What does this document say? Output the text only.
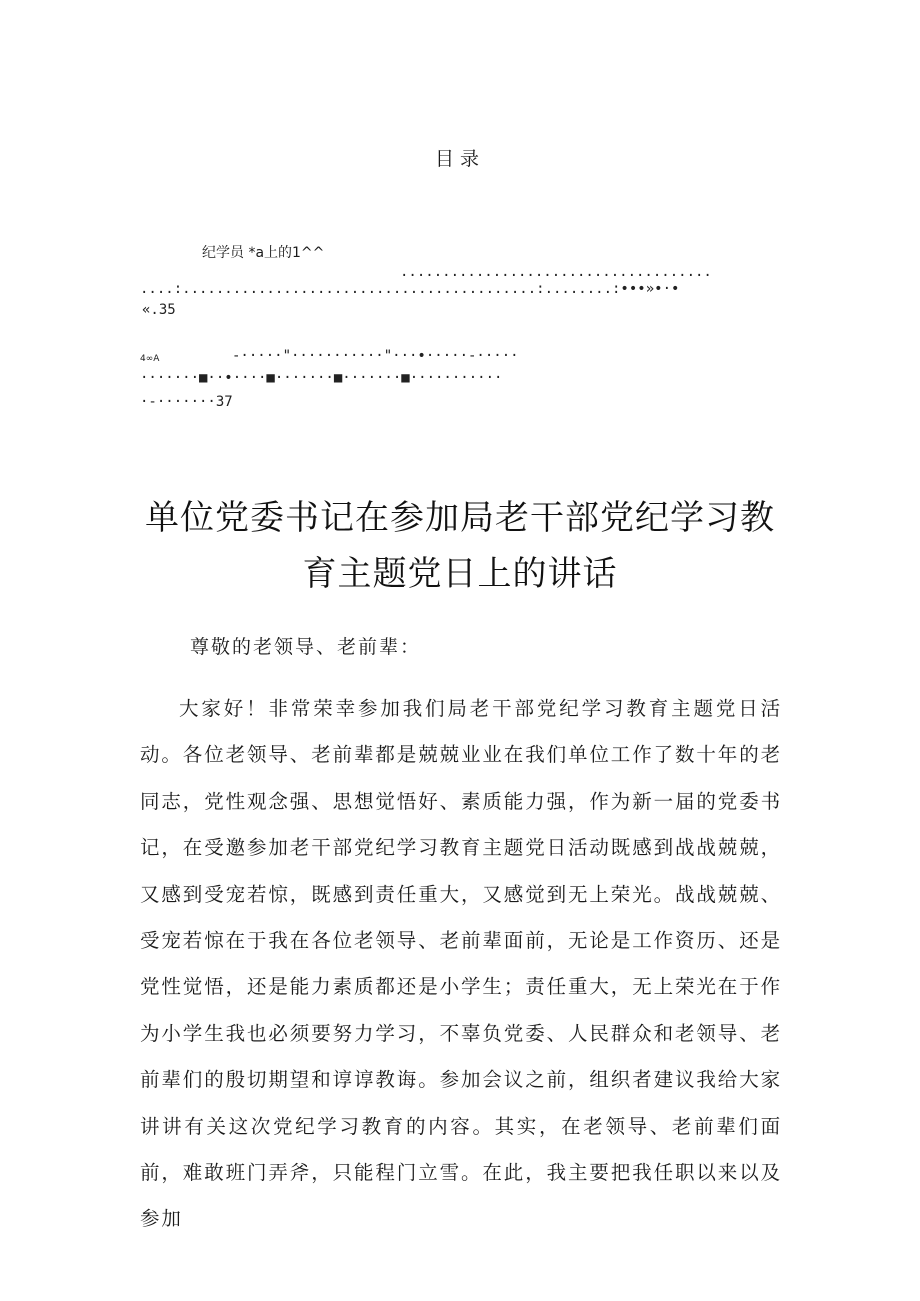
目录
纪学员 *a上的1^^
.....................................
....:..........................................:........:•••»•·•
«.35
4∞A	-·····"···········"···•·····-·····
·······■··•····■·······■·······■···········
·-·······37
单位党委书记在参加局老干部党纪学习教
育主题党日上的讲话
尊敬的老领导、老前辈：

大家好！非常荣幸参加我们局老干部党纪学习教育主题党日活动。各位老领导、老前辈都是兢兢业业在我们单位工作了数十年的老同志，党性观念强、思想觉悟好、素质能力强，作为新一届的党委书记，在受邀参加老干部党纪学习教育主题党日活动既感到战战兢兢，又感到受宠若惊，既感到责任重大，又感觉到无上荣光。战战兢兢、受宠若惊在于我在各位老领导、老前辈面前，无论是工作资历、还是党性觉悟，还是能力素质都还是小学生；责任重大，无上荣光在于作为小学生我也必须要努力学习，不辜负党委、人民群众和老领导、老前辈们的殷切期望和谆谆教诲。参加会议之前，组织者建议我给大家讲讲有关这次党纪学习教育的内容。其实，在老领导、老前辈们面前，难敢班门弄斧，只能程门立雪。在此，我主要把我任职以来以及参加
